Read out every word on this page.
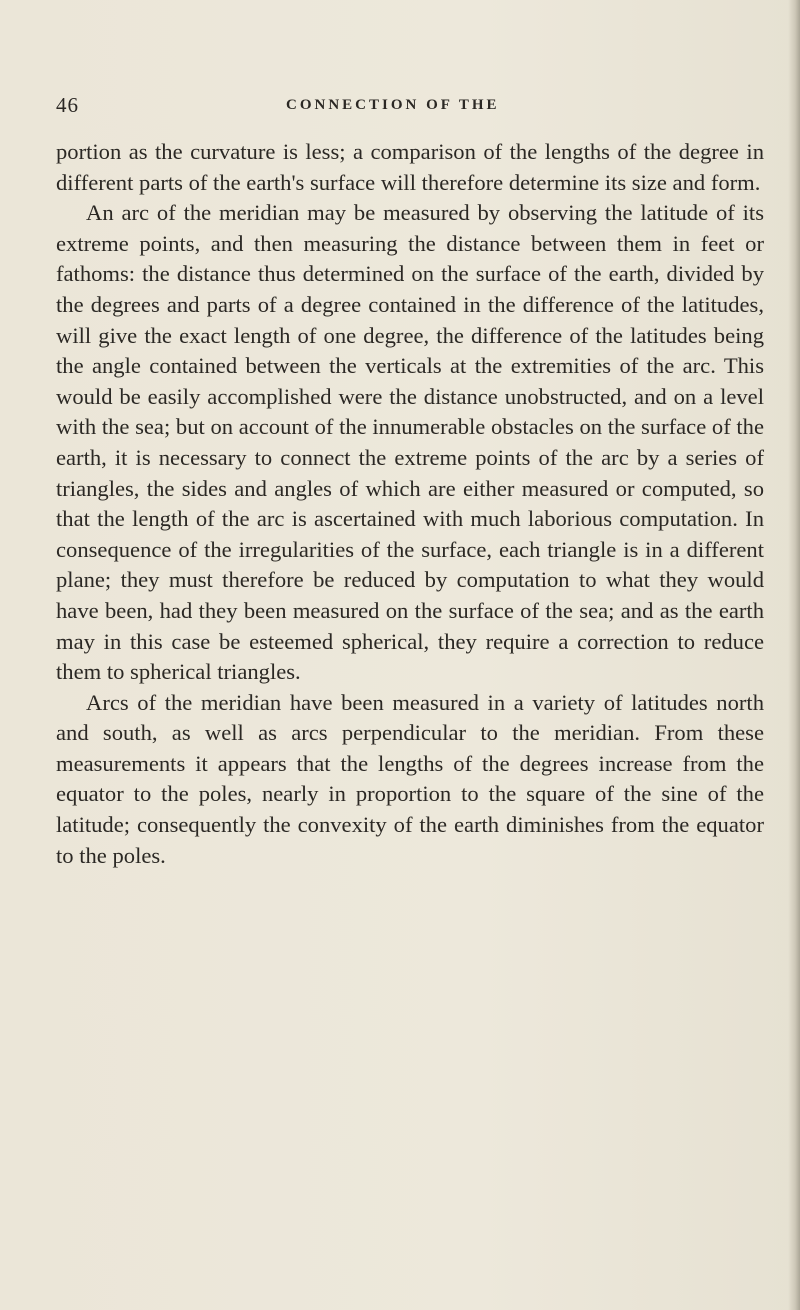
46	CONNECTION OF THE

portion as the curvature is less; a comparison of the lengths of the degree in different parts of the earth's surface will therefore determine its size and form.

An arc of the meridian may be measured by observing the latitude of its extreme points, and then measuring the distance between them in feet or fathoms: the distance thus determined on the surface of the earth, divided by the degrees and parts of a degree contained in the difference of the latitudes, will give the exact length of one degree, the difference of the latitudes being the angle contained between the verticals at the extremities of the arc. This would be easily accomplished were the distance unobstructed, and on a level with the sea; but on account of the innumerable obstacles on the surface of the earth, it is necessary to connect the extreme points of the arc by a series of triangles, the sides and angles of which are either measured or computed, so that the length of the arc is ascertained with much laborious computation. In consequence of the irregularities of the surface, each triangle is in a different plane; they must therefore be reduced by computation to what they would have been, had they been measured on the surface of the sea; and as the earth may in this case be esteemed spherical, they require a correction to reduce them to spherical triangles.

Arcs of the meridian have been measured in a variety of latitudes north and south, as well as arcs perpendicular to the meridian. From these measurements it appears that the lengths of the degrees increase from the equator to the poles, nearly in proportion to the square of the sine of the latitude; consequently the convexity of the earth diminishes from the equator to the poles.
